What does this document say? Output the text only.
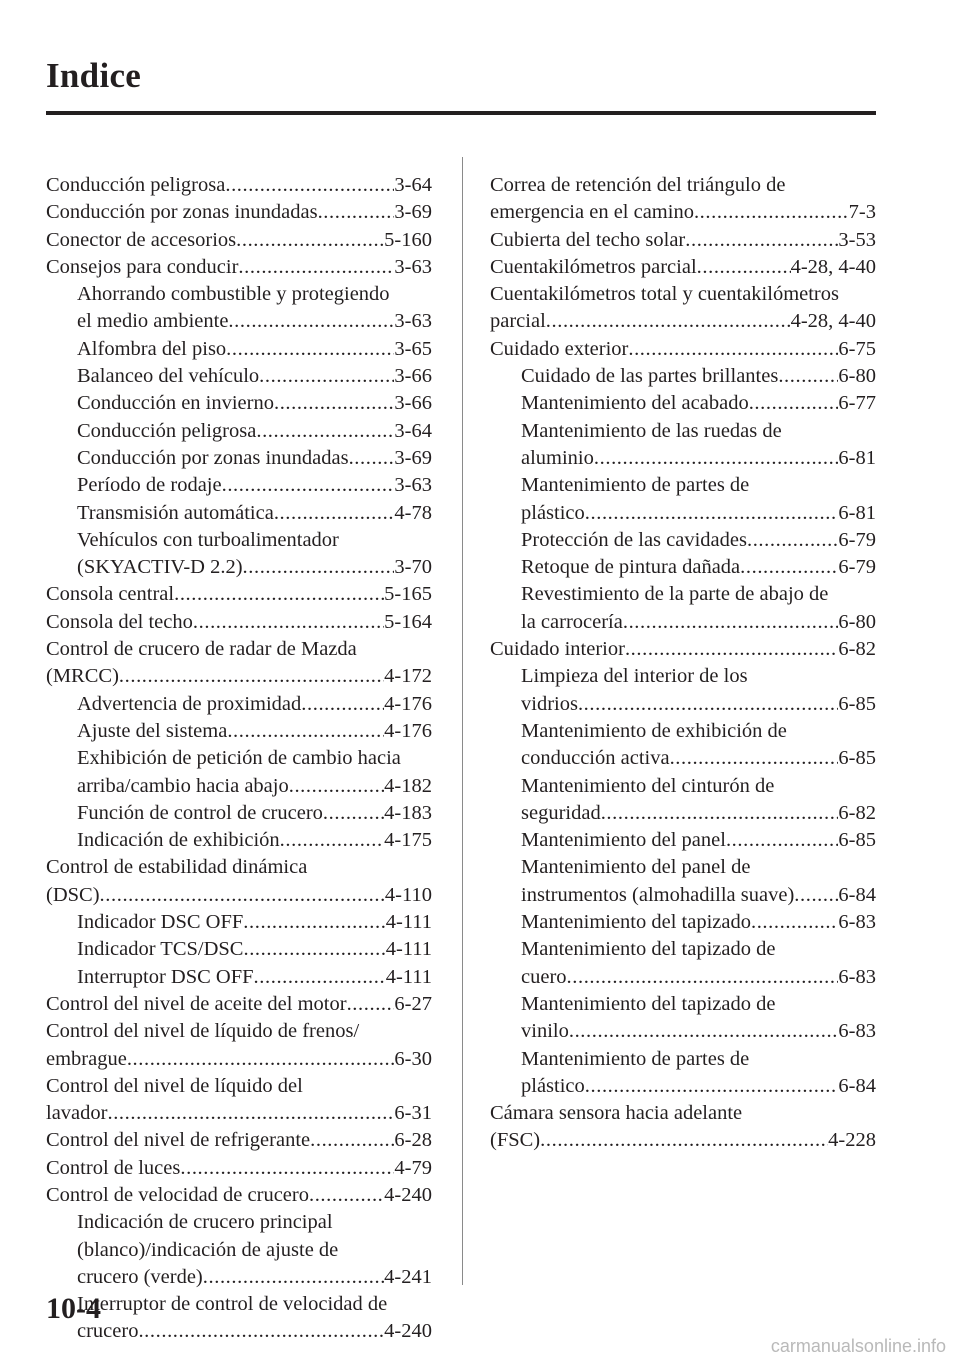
Indice
Conducción peligrosa .....	3-64
Conducción por zonas inundadas .....	3-69
Conector de accesorios .....	5-160
Consejos para conducir .....	3-63
Ahorrando combustible y protegiendo
el medio ambiente .....	3-63
Alfombra del piso .....	3-65
Balanceo del vehículo .....	3-66
Conducción en invierno .....	3-66
Conducción peligrosa .....	3-64
Conducción por zonas inundadas ..... 3-69
Período de rodaje .....	3-63
Transmisión automática .....	4-78
Vehículos con turboalimentador
(SKYACTIV-D 2.2) .....	3-70
Consola central .....	5-165
Consola del techo .....	5-164
Control de crucero de radar de Mazda
(MRCC) .....	4-172
Advertencia de proximidad .....	4-176
Ajuste del sistema .....	4-176
Exhibición de petición de cambio hacia
arriba/cambio hacia abajo .....	4-182
Función de control de crucero .....	4-183
Indicación de exhibición .....	4-175
Control de estabilidad dinámica
(DSC) .....	4-110
Indicador DSC OFF .....	4-111
Indicador TCS/DSC .....	4-111
Interruptor DSC OFF .....	4-111
Control del nivel de aceite del motor ..... 6-27
Control del nivel de líquido de frenos/
embrague .....	6-30
Control del nivel de líquido del
lavador .....	6-31
Control del nivel de refrigerante .....	6-28
Control de luces .....	4-79
Control de velocidad de crucero .....	4-240
Indicación de crucero principal
(blanco)/indicación de ajuste de
crucero (verde) .....	4-241
Interruptor de control de velocidad de
crucero .....	4-240
Correa de retención del triángulo de
emergencia en el camino .....	7-3
Cubierta del techo solar .....	3-53
Cuentakilómetros parcial .....	4-28, 4-40
Cuentakilómetros total y cuentakilómetros
parcial .....	4-28, 4-40
Cuidado exterior .....	6-75
Cuidado de las partes brillantes .....	6-80
Mantenimiento del acabado .....	6-77
Mantenimiento de las ruedas de
aluminio .....	6-81
Mantenimiento de partes de
plástico .....	6-81
Protección de las cavidades .....	6-79
Retoque de pintura dañada .....	6-79
Revestimiento de la parte de abajo de
la carrocería .....	6-80
Cuidado interior .....	6-82
Limpieza del interior de los
vidrios .....	6-85
Mantenimiento de exhibición de
conducción activa .....	6-85
Mantenimiento del cinturón de
seguridad .....	6-82
Mantenimiento del panel .....	6-85
Mantenimiento del panel de
instrumentos (almohadilla suave) ..... 6-84
Mantenimiento del tapizado .....	6-83
Mantenimiento del tapizado de
cuero .....	6-83
Mantenimiento del tapizado de
vinilo .....	6-83
Mantenimiento de partes de
plástico .....	6-84
Cámara sensora hacia adelante
(FSC) .....	4-228
10-4
carmanualsonline.info
